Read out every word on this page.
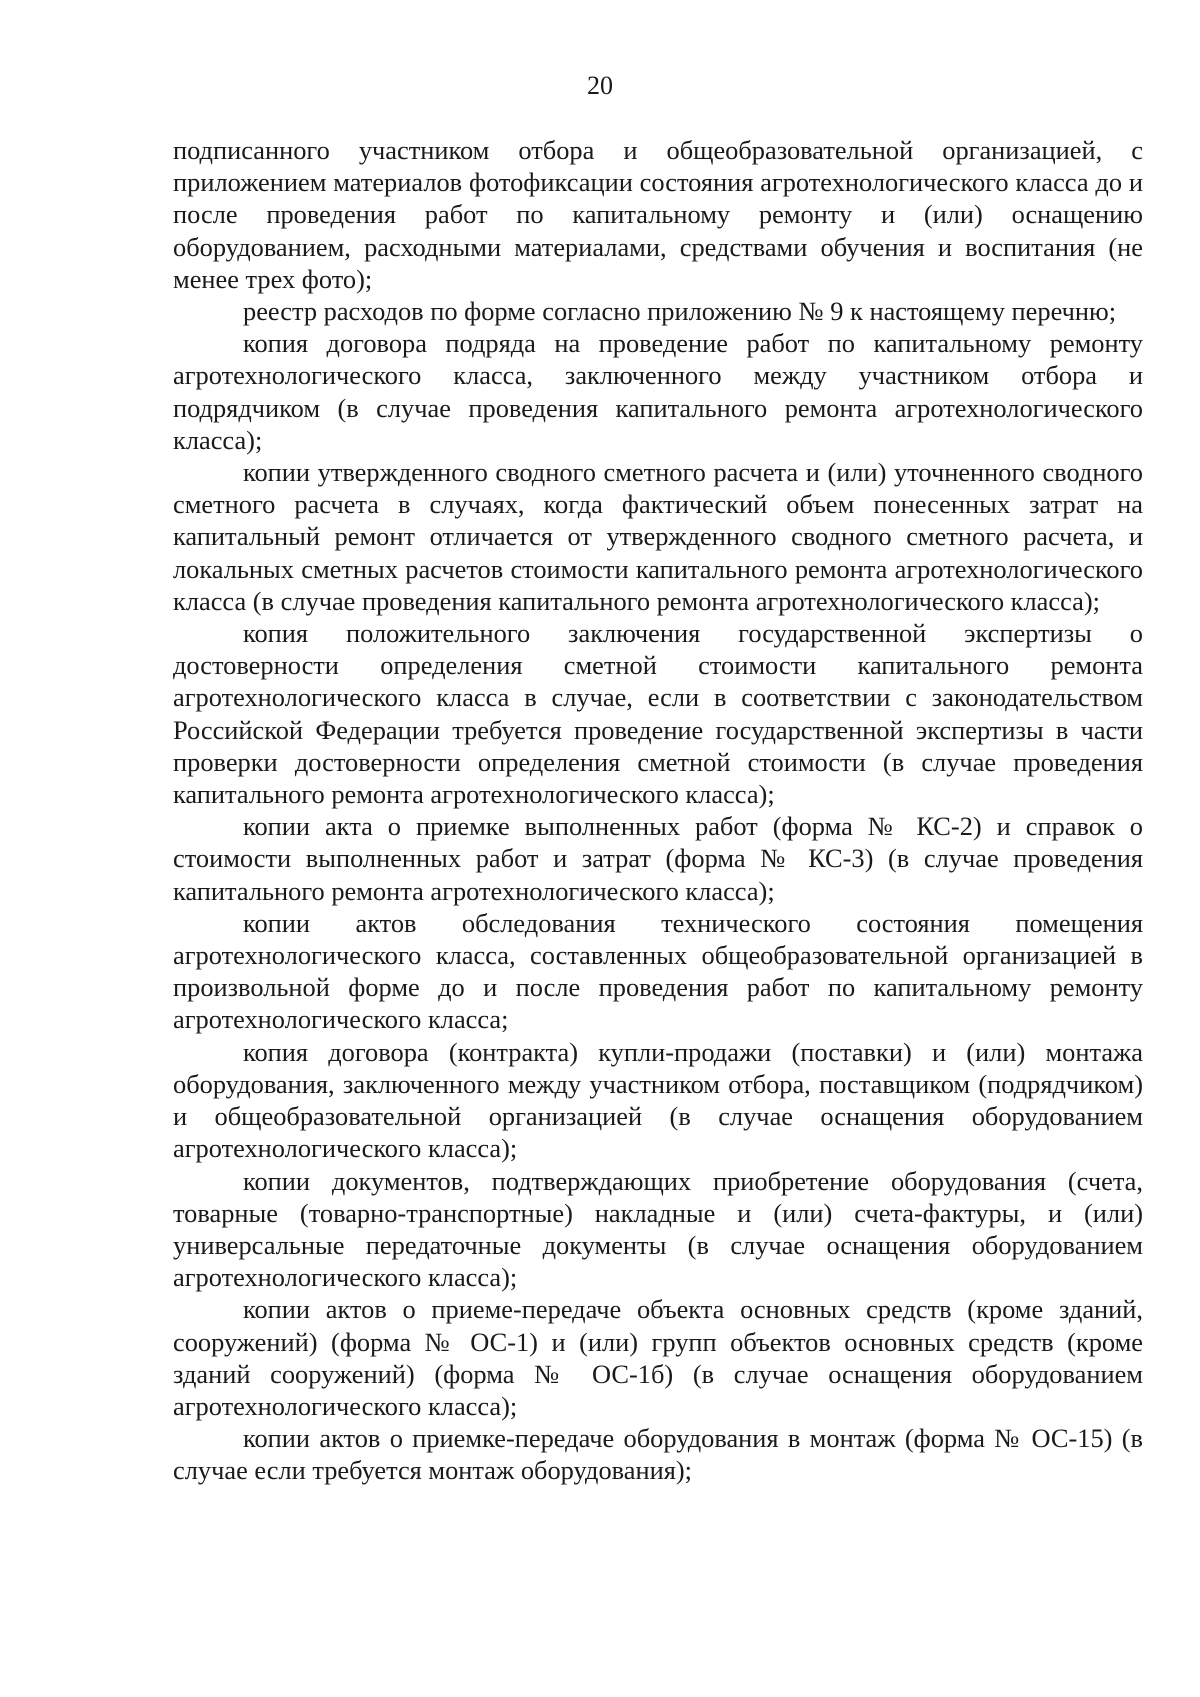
20

подписанного участником отбора и общеобразовательной организацией, с приложением материалов фотофиксации состояния агротехнологического класса до и после проведения работ по капитальному ремонту и (или) оснащению оборудованием, расходными материалами, средствами обучения и воспитания (не менее трех фото);

реестр расходов по форме согласно приложению № 9 к настоящему перечню;

копия договора подряда на проведение работ по капитальному ремонту агротехнологического класса, заключенного между участником отбора и подрядчиком (в случае проведения капитального ремонта агротехнологического класса);

копии утвержденного сводного сметного расчета и (или) уточненного сводного сметного расчета в случаях, когда фактический объем понесенных затрат на капитальный ремонт отличается от утвержденного сводного сметного расчета, и локальных сметных расчетов стоимости капитального ремонта агротехнологического класса (в случае проведения капитального ремонта агротехнологического класса);

копия положительного заключения государственной экспертизы о достоверности определения сметной стоимости капитального ремонта агротехнологического класса в случае, если в соответствии с законодательством Российской Федерации требуется проведение государственной экспертизы в части проверки достоверности определения сметной стоимости (в случае проведения капитального ремонта агротехнологического класса);

копии акта о приемке выполненных работ (форма № КС-2) и справок о стоимости выполненных работ и затрат (форма № КС-3) (в случае проведения капитального ремонта агротехнологического класса);

копии актов обследования технического состояния помещения агротехнологического класса, составленных общеобразовательной организацией в произвольной форме до и после проведения работ по капитальному ремонту агротехнологического класса;

копия договора (контракта) купли-продажи (поставки) и (или) монтажа оборудования, заключенного между участником отбора, поставщиком (подрядчиком) и общеобразовательной организацией (в случае оснащения оборудованием агротехнологического класса);

копии документов, подтверждающих приобретение оборудования (счета, товарные (товарно-транспортные) накладные и (или) счета-фактуры, и (или) универсальные передаточные документы (в случае оснащения оборудованием агротехнологического класса);

копии актов о приеме-передаче объекта основных средств (кроме зданий, сооружений) (форма № ОС-1) и (или) групп объектов основных средств (кроме зданий сооружений) (форма № ОС-1б) (в случае оснащения оборудованием агротехнологического класса);

копии актов о приемке-передаче оборудования в монтаж (форма № ОС-15) (в случае если требуется монтаж оборудования);
